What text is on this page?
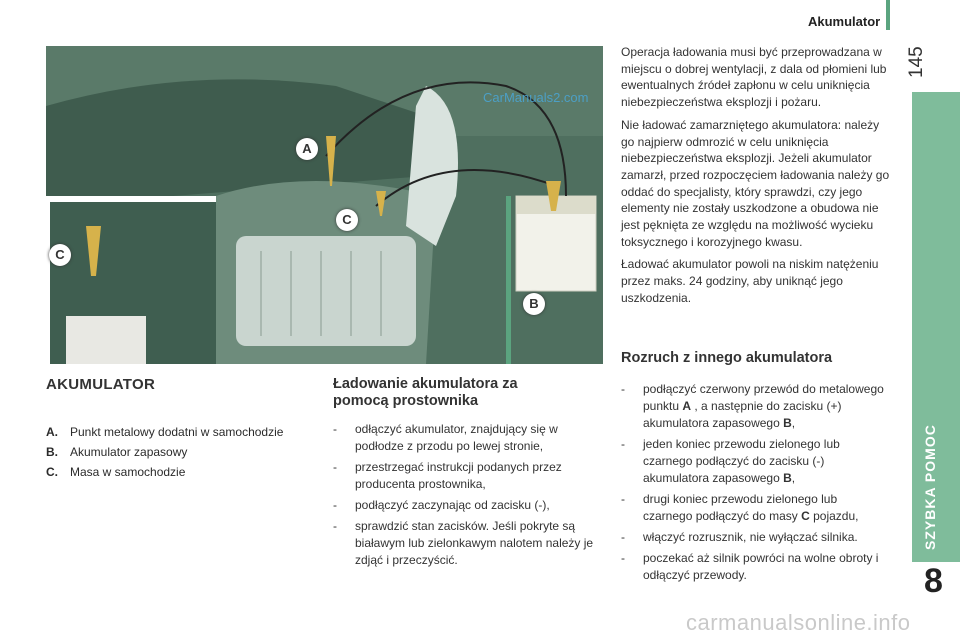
Akumulator
145
SZYBKA POMOC
8
A
B
C
C
CarManuals2.com
AKUMULATOR
A.	Punkt metalowy dodatni w samochodzie
B.	Akumulator zapasowy
C.	Masa w samochodzie
Ładowanie akumulatora za
pomocą prostownika
-	odłączyć akumulator, znajdujący się w podłodze z przodu po lewej stronie,
-	przestrzegać instrukcji podanych przez producenta prostownika,
-	podłączyć zaczynając od zacisku (-),
-	sprawdzić stan zacisków. Jeśli pokryte są białawym lub zielonkawym nalotem należy je zdjąć i przeczyścić.

Operacja ładowania musi być przeprowadzana w miejscu o dobrej wentylacji, z dala od płomieni lub ewentualnych źródeł zapłonu w celu uniknięcia niebezpieczeństwa eksplozji i pożaru.

Nie ładować zamarzniętego akumulatora: należy go najpierw odmrozić w celu uniknięcia niebezpieczeństwa eksplozji. Jeżeli akumulator zamarzł, przed rozpoczęciem ładowania należy go oddać do specjalisty, który sprawdzi, czy jego elementy nie zostały uszkodzone a obudowa nie jest pęknięta ze względu na możliwość wycieku toksycznego i korozyjnego kwasu.

Ładować akumulator powoli na niskim natężeniu przez maks. 24 godziny, aby uniknąć jego uszkodzenia.

Rozruch z innego akumulatora
-	podłączyć czerwony przewód do metalowego punktu A , a następnie do zacisku (+) akumulatora zapasowego B,
-	jeden koniec przewodu zielonego lub czarnego podłączyć do zacisku (-) akumulatora zapasowego B,
-	drugi koniec przewodu zielonego lub czarnego podłączyć do masy C pojazdu,
-	włączyć rozrusznik, nie wyłączać silnika.
-	poczekać aż silnik powróci na wolne obroty i odłączyć przewody.
carmanualsonline.info
